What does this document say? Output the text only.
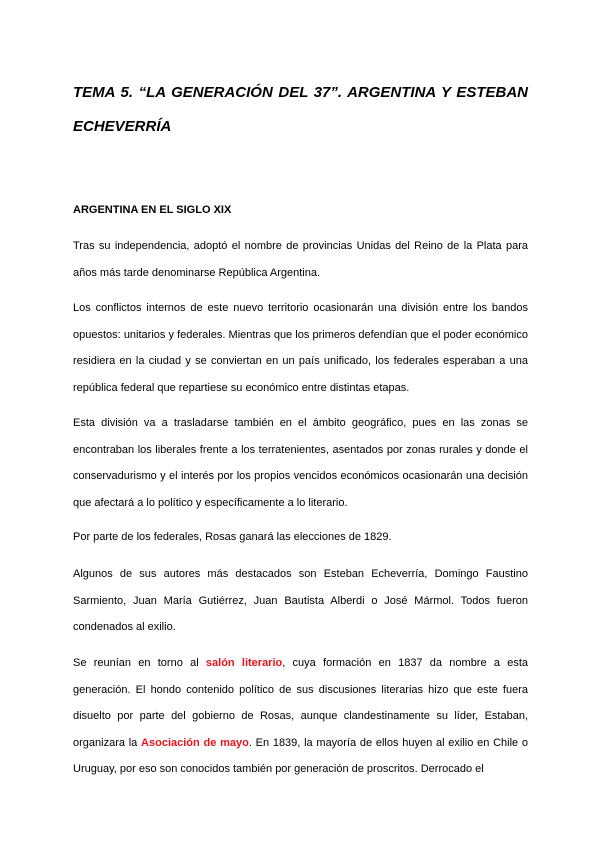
TEMA 5. “LA GENERACIÓN DEL 37”. ARGENTINA Y ESTEBAN
ECHEVERRÍA
ARGENTINA EN EL SIGLO XIX

Tras su independencia, adoptó el nombre de provincias Unidas del Reino de la Plata para años más tarde denominarse República Argentina.

Los conflictos internos de este nuevo territorio ocasionarán una división entre los bandos opuestos: unitarios y federales. Mientras que los primeros defendían que el poder económico residiera en la ciudad y se conviertan en un país unificado, los federales esperaban a una república federal que repartiese su económico entre distintas etapas.

Esta división va a trasladarse también en el ámbito geográfico, pues en las zonas se encontraban los liberales frente a los terratenientes, asentados por zonas rurales y donde el conservadurismo y el interés por los propios vencidos económicos ocasionarán una decisión que afectará a lo político y específicamente a lo literario.

Por parte de los federales, Rosas ganará las elecciones de 1829.

Algunos de sus autores más destacados son Esteban Echeverría, Domingo Faustino Sarmiento, Juan María Gutiérrez, Juan Bautista Alberdi o José Mármol. Todos fueron condenados al exilio.

Se reunían en torno al salón literario, cuya formación en 1837 da nombre a esta generación. El hondo contenido político de sus discusiones literarias hizo que este fuera disuelto por parte del gobierno de Rosas, aunque clandestinamente su líder, Estaban, organizara la Asociación de mayo. En 1839, la mayoría de ellos huyen al exilio en Chile o Uruguay, por eso son conocidos también por generación de proscritos. Derrocado el
